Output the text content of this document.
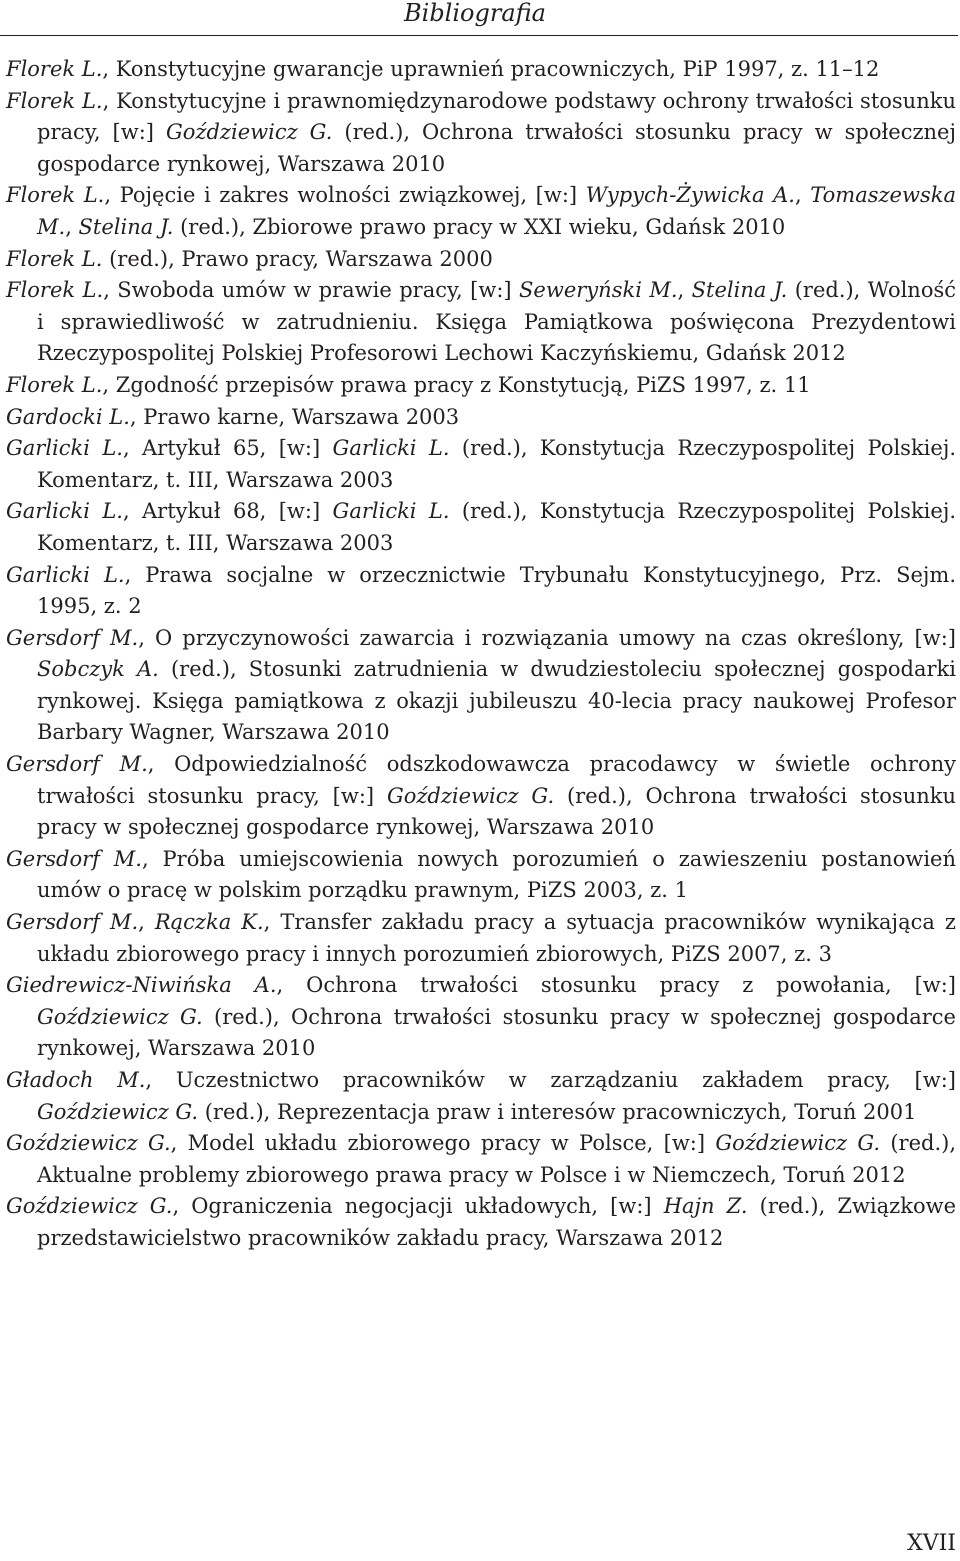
Bibliografia
Florek L., Konstytucyjne gwarancje uprawnień pracowniczych, PiP 1997, z. 11–12
Florek L., Konstytucyjne i prawnomiędzynarodowe podstawy ochrony trwałości stosunku pracy, [w:] Goździewicz G. (red.), Ochrona trwałości stosunku pracy w społecznej gospodarce rynkowej, Warszawa 2010
Florek L., Pojęcie i zakres wolności związkowej, [w:] Wypych-Żywicka A., Tomaszewska M., Stelina J. (red.), Zbiorowe prawo pracy w XXI wieku, Gdańsk 2010
Florek L. (red.), Prawo pracy, Warszawa 2000
Florek L., Swoboda umów w prawie pracy, [w:] Seweryński M., Stelina J. (red.), Wolność i sprawiedliwość w zatrudnieniu. Księga Pamiątkowa poświęcona Prezydentowi Rzeczypospolitej Polskiej Profesorowi Lechowi Kaczyńskiemu, Gdańsk 2012
Florek L., Zgodność przepisów prawa pracy z Konstytucją, PiZS 1997, z. 11
Gardocki L., Prawo karne, Warszawa 2003
Garlicki L., Artykuł 65, [w:] Garlicki L. (red.), Konstytucja Rzeczypospolitej Polskiej. Komentarz, t. III, Warszawa 2003
Garlicki L., Artykuł 68, [w:] Garlicki L. (red.), Konstytucja Rzeczypospolitej Polskiej. Komentarz, t. III, Warszawa 2003
Garlicki L., Prawa socjalne w orzecznictwie Trybunału Konstytucyjnego, Prz. Sejm. 1995, z. 2
Gersdorf M., O przyczynowości zawarcia i rozwiązania umowy na czas określony, [w:] Sobczyk A. (red.), Stosunki zatrudnienia w dwudziestoleciu społecznej gospodarki rynkowej. Księga pamiątkowa z okazji jubileuszu 40-lecia pracy naukowej Profesor Barbary Wagner, Warszawa 2010
Gersdorf M., Odpowiedzialność odszkodowawcza pracodawcy w świetle ochrony trwałości stosunku pracy, [w:] Goździewicz G. (red.), Ochrona trwałości stosunku pracy w społecznej gospodarce rynkowej, Warszawa 2010
Gersdorf M., Próba umiejscowienia nowych porozumień o zawieszeniu postanowień umów o pracę w polskim porządku prawnym, PiZS 2003, z. 1
Gersdorf M., Rączka K., Transfer zakładu pracy a sytuacja pracowników wynikająca z układu zbiorowego pracy i innych porozumień zbiorowych, PiZS 2007, z. 3
Giedrewicz-Niwińska A., Ochrona trwałości stosunku pracy z powołania, [w:] Goździewicz G. (red.), Ochrona trwałości stosunku pracy w społecznej gospodarce rynkowej, Warszawa 2010
Gładoch M., Uczestnictwo pracowników w zarządzaniu zakładem pracy, [w:] Goździewicz G. (red.), Reprezentacja praw i interesów pracowniczych, Toruń 2001
Goździewicz G., Model układu zbiorowego pracy w Polsce, [w:] Goździewicz G. (red.), Aktualne problemy zbiorowego prawa pracy w Polsce i w Niemczech, Toruń 2012
Goździewicz G., Ograniczenia negocjacji układowych, [w:] Hajn Z. (red.), Związkowe przedstawicielstwo pracowników zakładu pracy, Warszawa 2012
XVII
